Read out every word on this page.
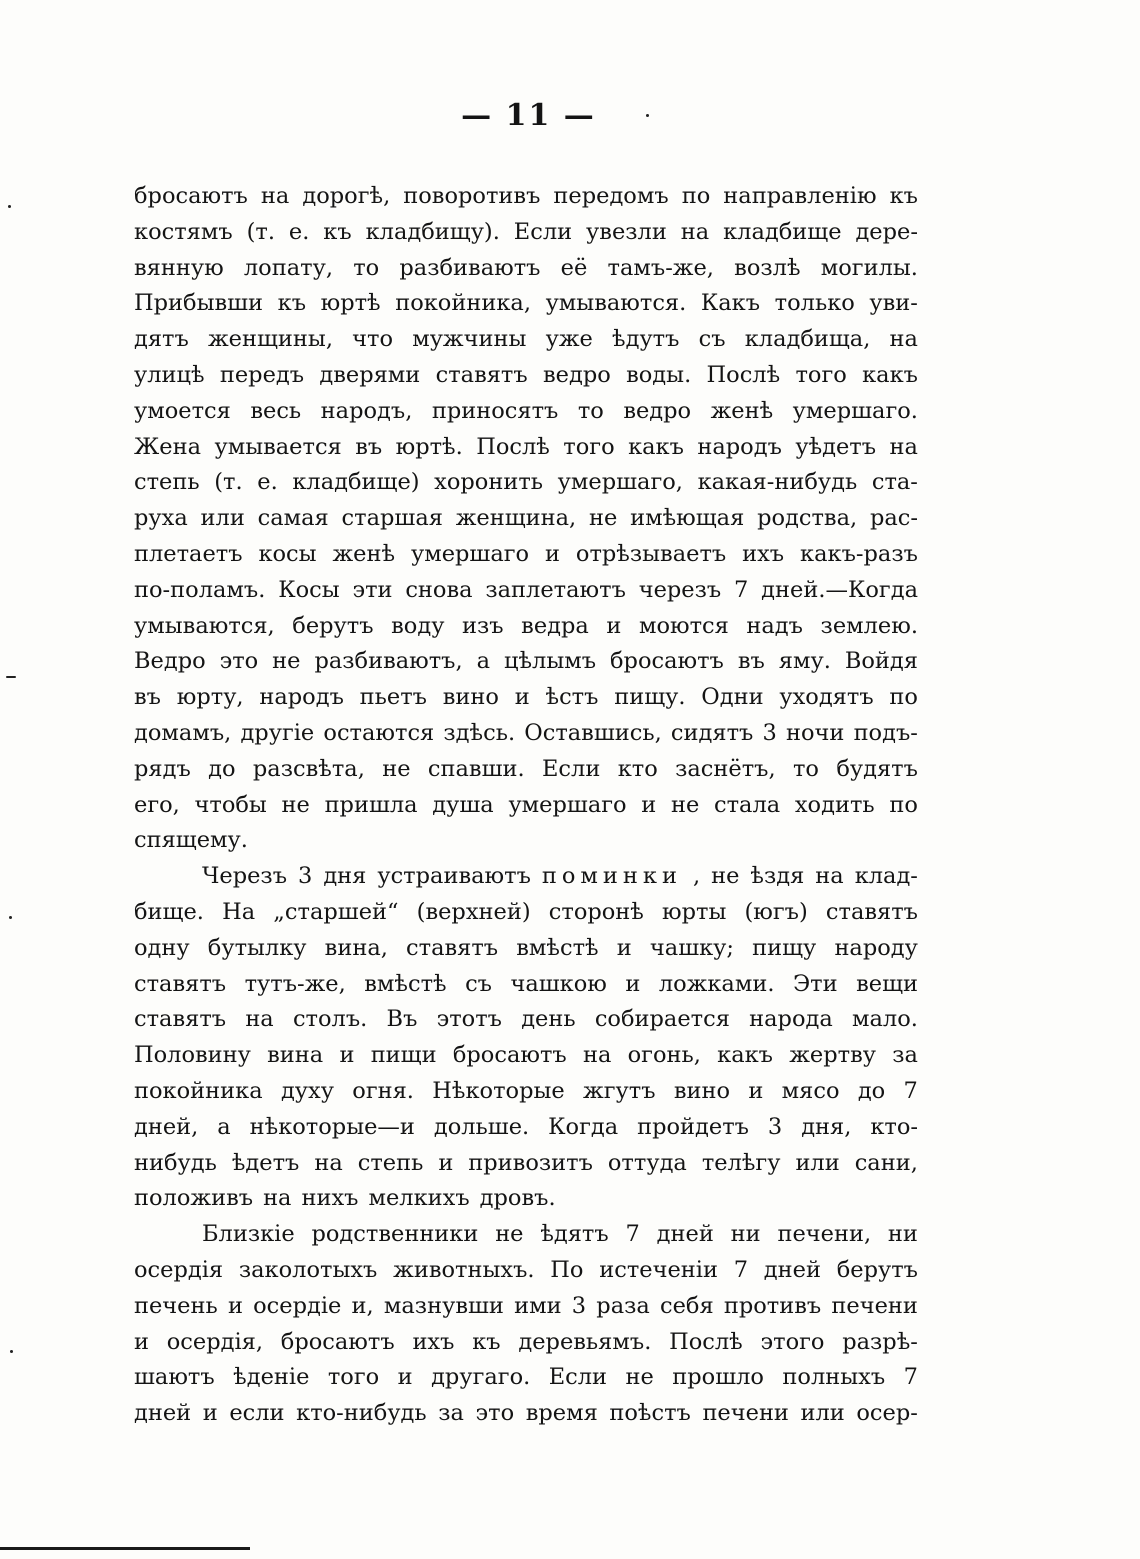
— 11 —
бросаютъ на дорогѣ, поворотивъ передомъ по направленію къ
костямъ (т. е. къ кладбищу). Если увезли на кладбище дере-
вянную лопату, то разбиваютъ её тамъ-же, возлѣ могилы.
Прибывши къ юртѣ покойника, умываются. Какъ только уви-
дятъ женщины, что мужчины уже ѣдутъ съ кладбища, на
улицѣ передъ дверями ставятъ ведро воды. Послѣ того какъ
умоется весь народъ, приносятъ то ведро женѣ умершаго.
Жена умывается въ юртѣ. Послѣ того какъ народъ уѣдетъ на
степь (т. е. кладбище) хоронить умершаго, какая-нибудь ста-
руха или самая старшая женщина, не имѣющая родства, рас-
плетаетъ косы женѣ умершаго и отрѣзываетъ ихъ какъ-разъ
по-поламъ. Косы эти снова заплетаютъ черезъ 7 дней.—Когда
умываются, берутъ воду изъ ведра и моются надъ землею.
Ведро это не разбиваютъ, а цѣлымъ бросаютъ въ яму. Войдя
въ юрту, народъ пьетъ вино и ѣстъ пищу. Одни уходятъ по
домамъ, другіе остаются здѣсь. Оставшись, сидятъ 3 ночи подъ-
рядъ до разсвѣта, не спавши. Если кто заснётъ, то будятъ
его, чтобы не пришла душа умершаго и не стала ходить по
спящему.
Черезъ 3 дня устраиваютъ поминки , не ѣздя на клад-
бище. На „старшей“ (верхней) сторонѣ юрты (югъ) ставятъ
одну бутылку вина, ставятъ вмѣстѣ и чашку; пищу народу
ставятъ тутъ-же, вмѣстѣ съ чашкою и ложками. Эти вещи
ставятъ на столъ. Въ этотъ день собирается народа мало.
Половину вина и пищи бросаютъ на огонь, какъ жертву за
покойника духу огня. Нѣкоторые жгутъ вино и мясо до 7
дней, а нѣкоторые—и дольше. Когда пройдетъ 3 дня, кто-
нибудь ѣдетъ на степь и привозитъ оттуда телѣгу или сани,
положивъ на нихъ мелкихъ дровъ.
Близкіе родственники не ѣдятъ 7 дней ни печени, ни
осердія заколотыхъ животныхъ. По истеченіи 7 дней берутъ
печень и осердіе и, мазнувши ими 3 раза себя противъ печени
и осердія, бросаютъ ихъ къ деревьямъ. Послѣ этого разрѣ-
шаютъ ѣденіе того и другаго. Если не прошло полныхъ 7
дней и если кто-нибудь за это время поѣстъ печени или осер-
